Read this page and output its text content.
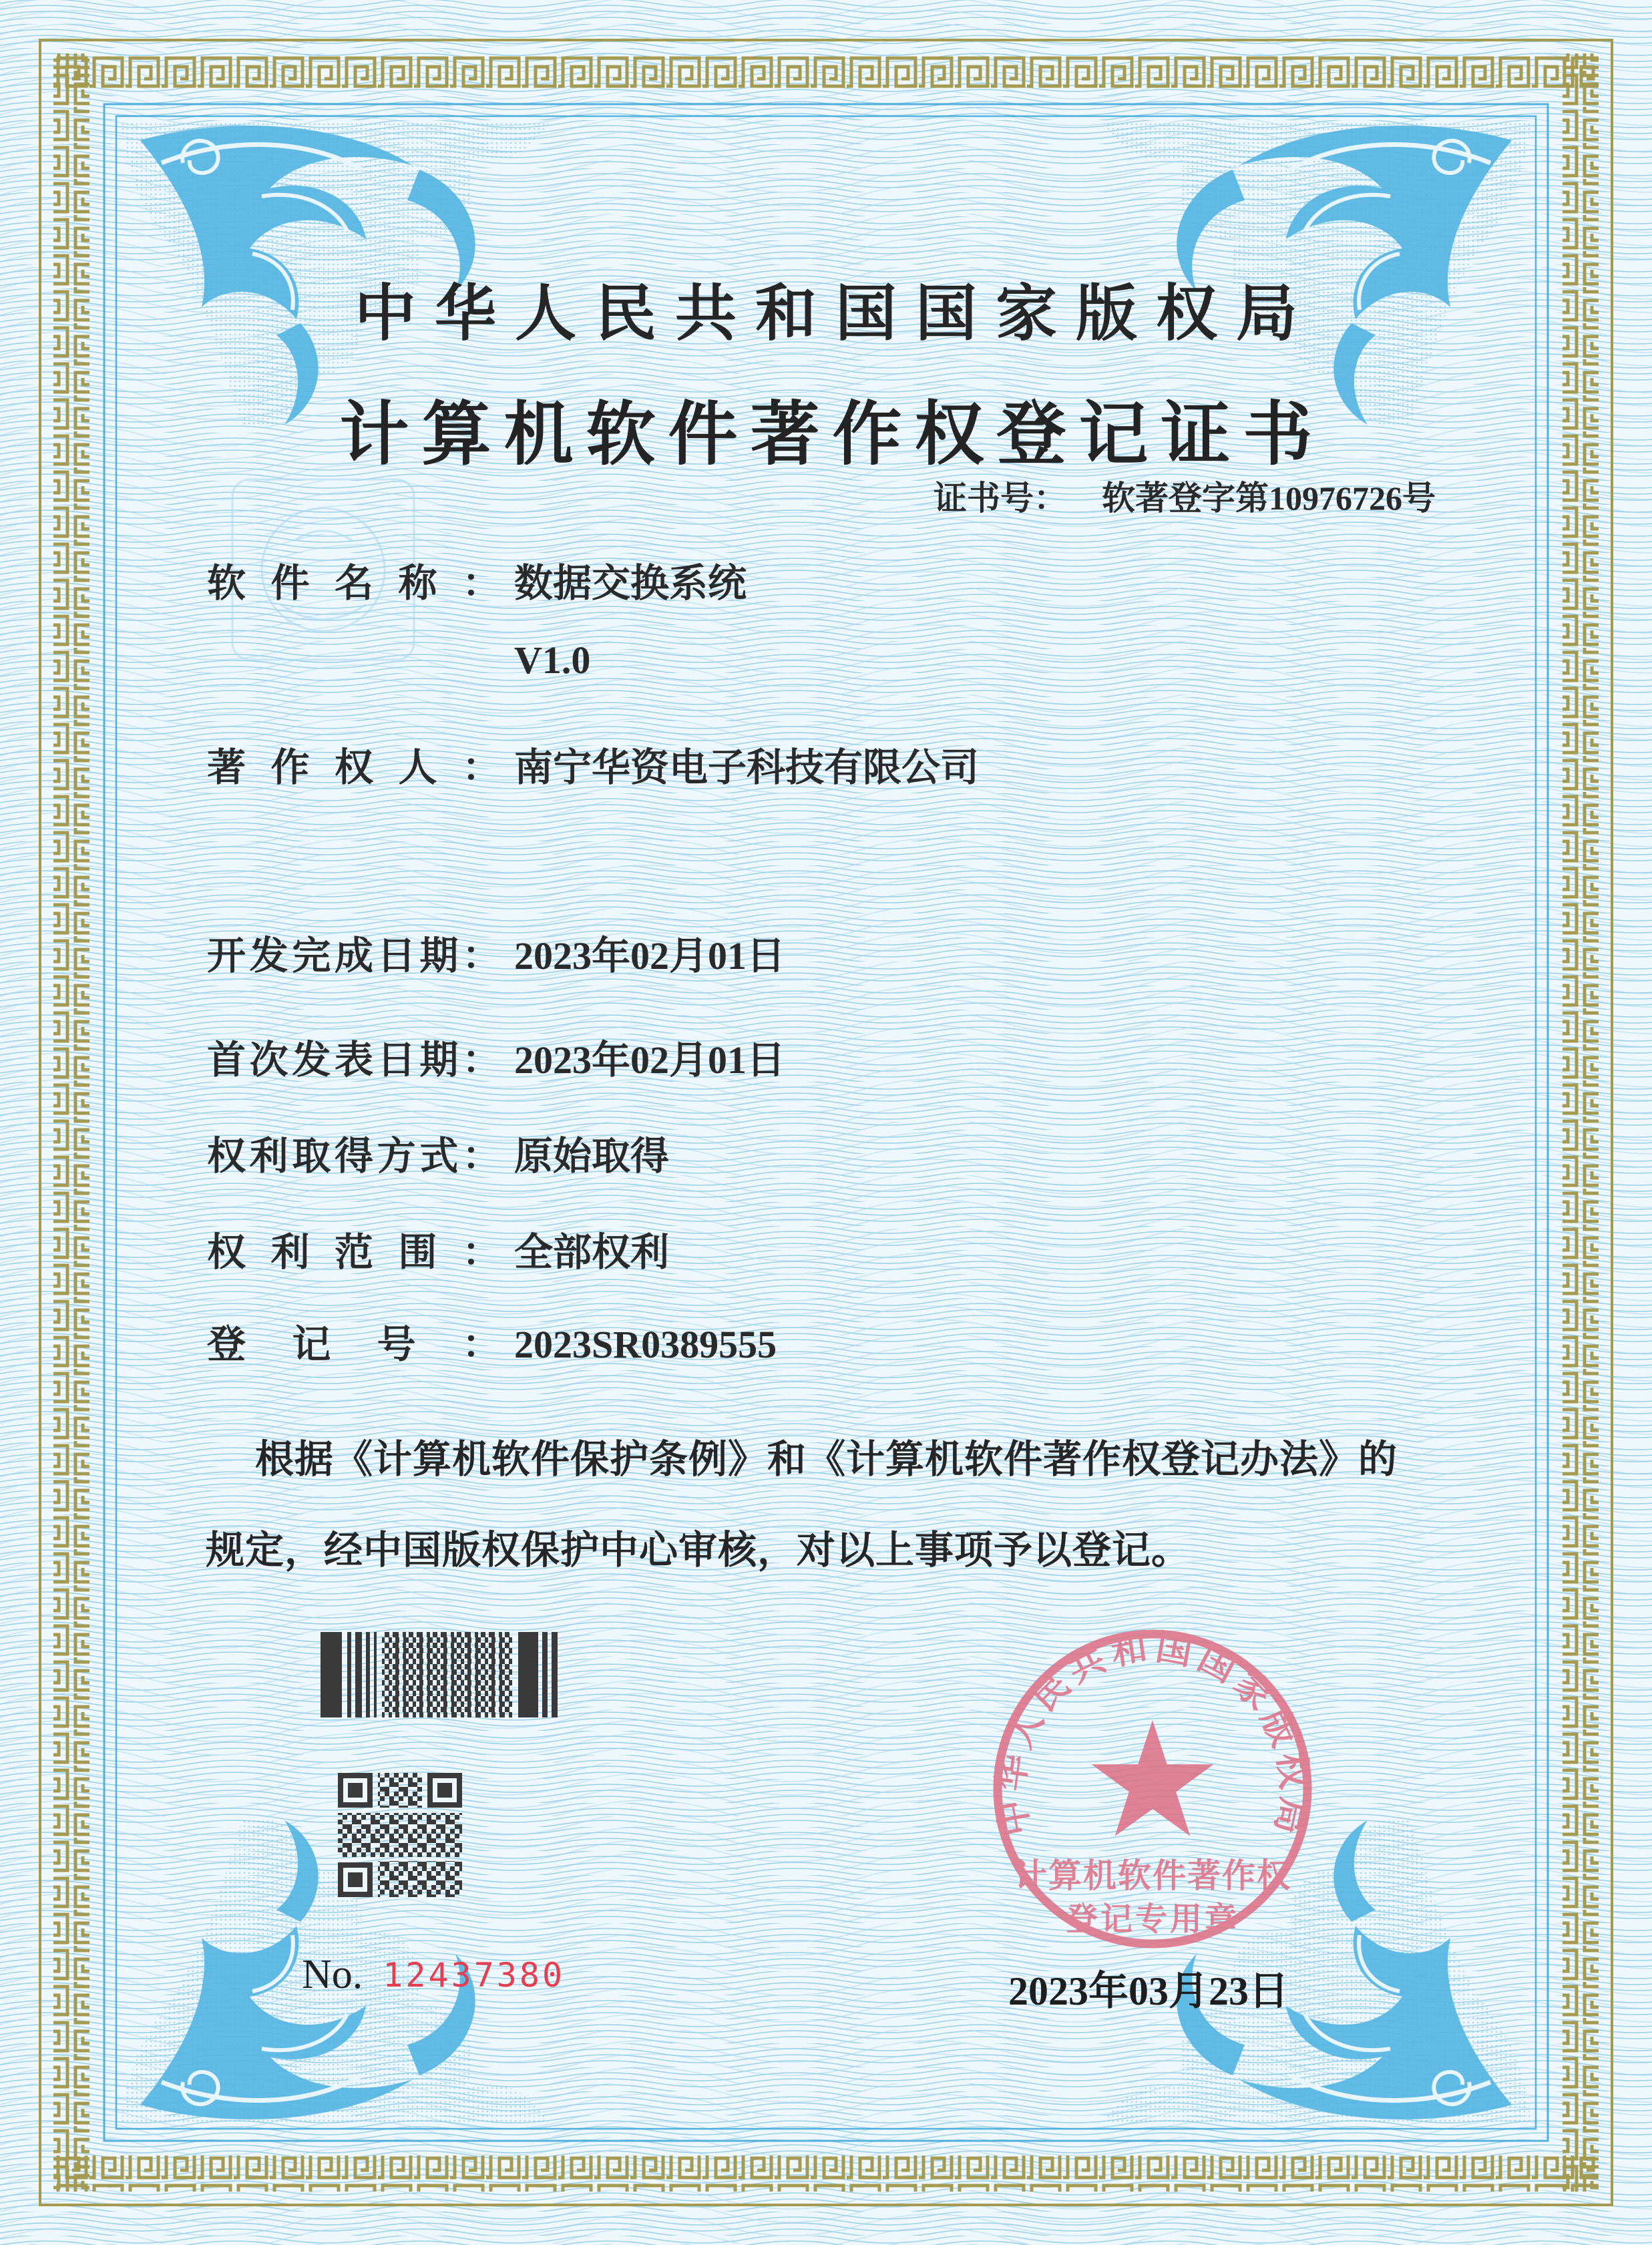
中华人民共和国国家版权局
计算机软件著作权
登记专用章
中华人民共和国国家版权局
计算机软件著作权登记证书
证书号： 软著登字第10976726号
软件名称： 数据交换系统
V1.0
著作权人： 南宁华资电子科技有限公司
开发完成日期： 2023年02月01日
首次发表日期： 2023年02月01日
权利取得方式： 原始取得
权利范围： 全部权利
登记号： 2023SR0389555
根据《计算机软件保护条例》和《计算机软件著作权登记办法》的
规定，经中国版权保护中心审核，对以上事项予以登记。
No. 12437380	2023年03月23日
